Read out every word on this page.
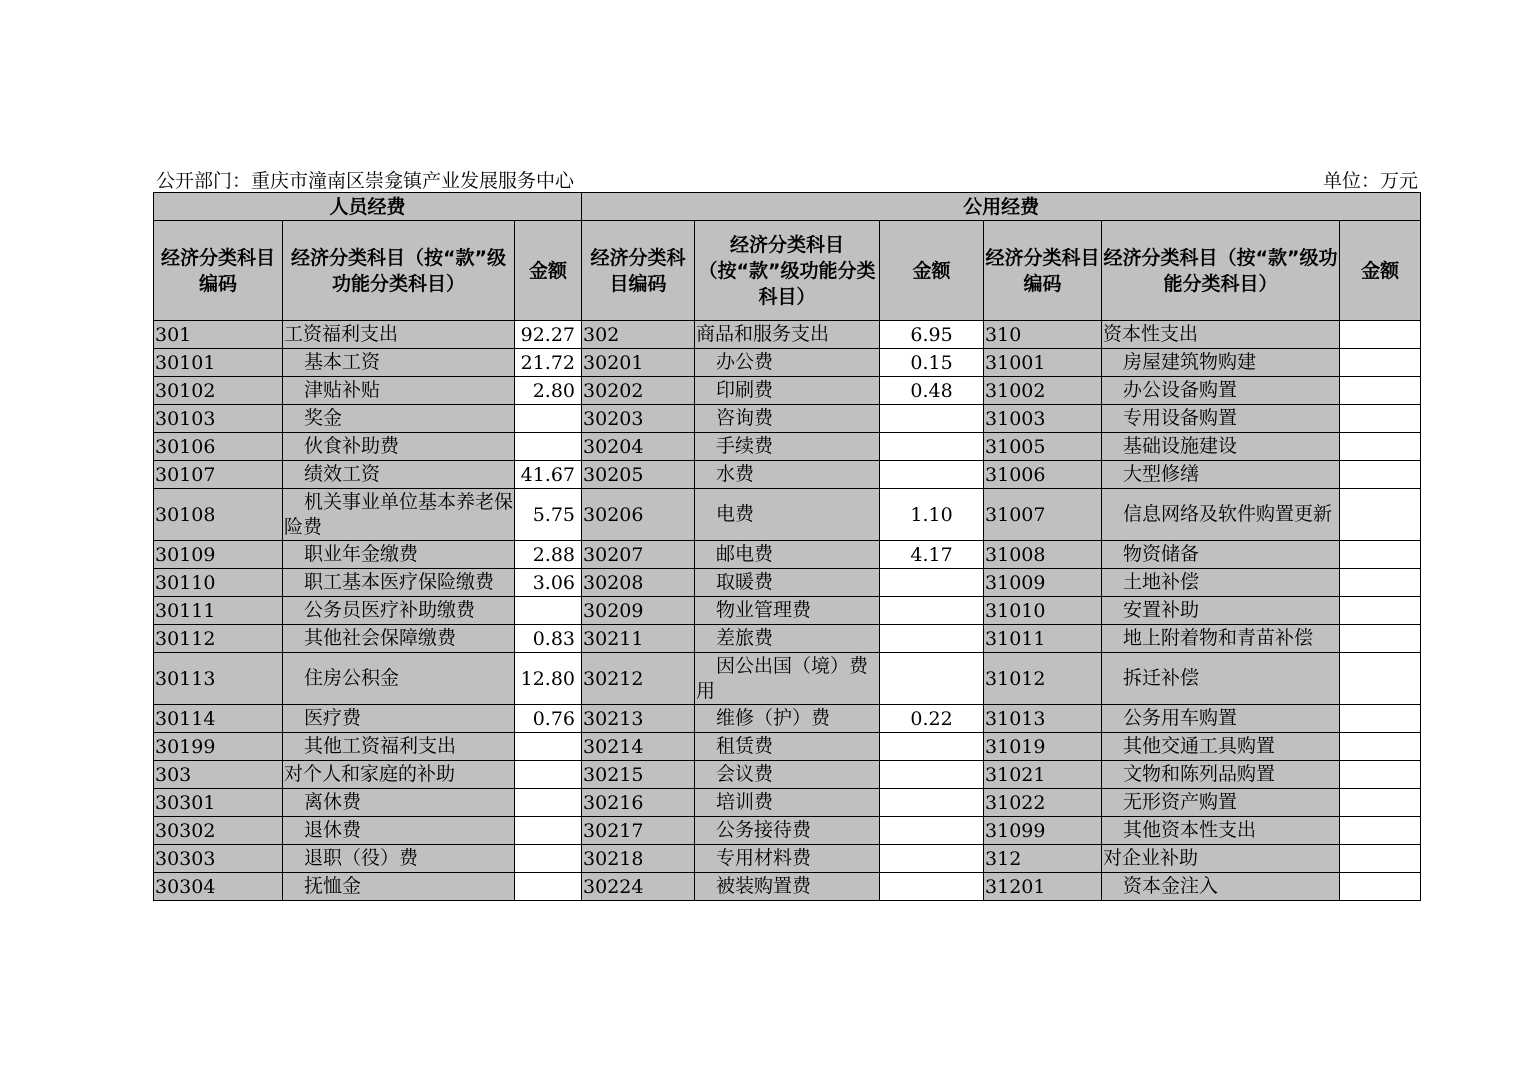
公开部门：重庆市潼南区崇龛镇产业发展服务中心	单位：万元
人员经费			公用经费					
经济分类科目编码	经济分类科目（按“款”级功能分类科目）	金额	经济分类科目编码	经济分类科目（按“款”级功能分类科目）	金额	经济分类科目编码	经济分类科目（按“款”级功能分类科目）	金额
301	工资福利支出	92.27	302	商品和服务支出	6.95	310	资本性支出	
30101	基本工资	21.72	30201	办公费	0.15	31001	房屋建筑物购建	
30102	津贴补贴	2.80	30202	印刷费	0.48	31002	办公设备购置	
30103	奖金		30203	咨询费		31003	专用设备购置	
30106	伙食补助费		30204	手续费		31005	基础设施建设	
30107	绩效工资	41.67	30205	水费		31006	大型修缮	
30108	机关事业单位基本养老保险费	5.75	30206	电费	1.10	31007	信息网络及软件购置更新	
30109	职业年金缴费	2.88	30207	邮电费	4.17	31008	物资储备	
30110	职工基本医疗保险缴费	3.06	30208	取暖费		31009	土地补偿	
30111	公务员医疗补助缴费		30209	物业管理费		31010	安置补助	
30112	其他社会保障缴费	0.83	30211	差旅费		31011	地上附着物和青苗补偿	
30113	住房公积金	12.80	30212	因公出国（境）费用		31012	拆迁补偿	
30114	医疗费	0.76	30213	维修（护）费	0.22	31013	公务用车购置	
30199	其他工资福利支出		30214	租赁费		31019	其他交通工具购置	
303	对个人和家庭的补助		30215	会议费		31021	文物和陈列品购置	
30301	离休费		30216	培训费		31022	无形资产购置	
30302	退休费		30217	公务接待费		31099	其他资本性支出	
30303	退职（役）费		30218	专用材料费		312	对企业补助	
30304	抚恤金		30224	被装购置费		31201	资本金注入	
